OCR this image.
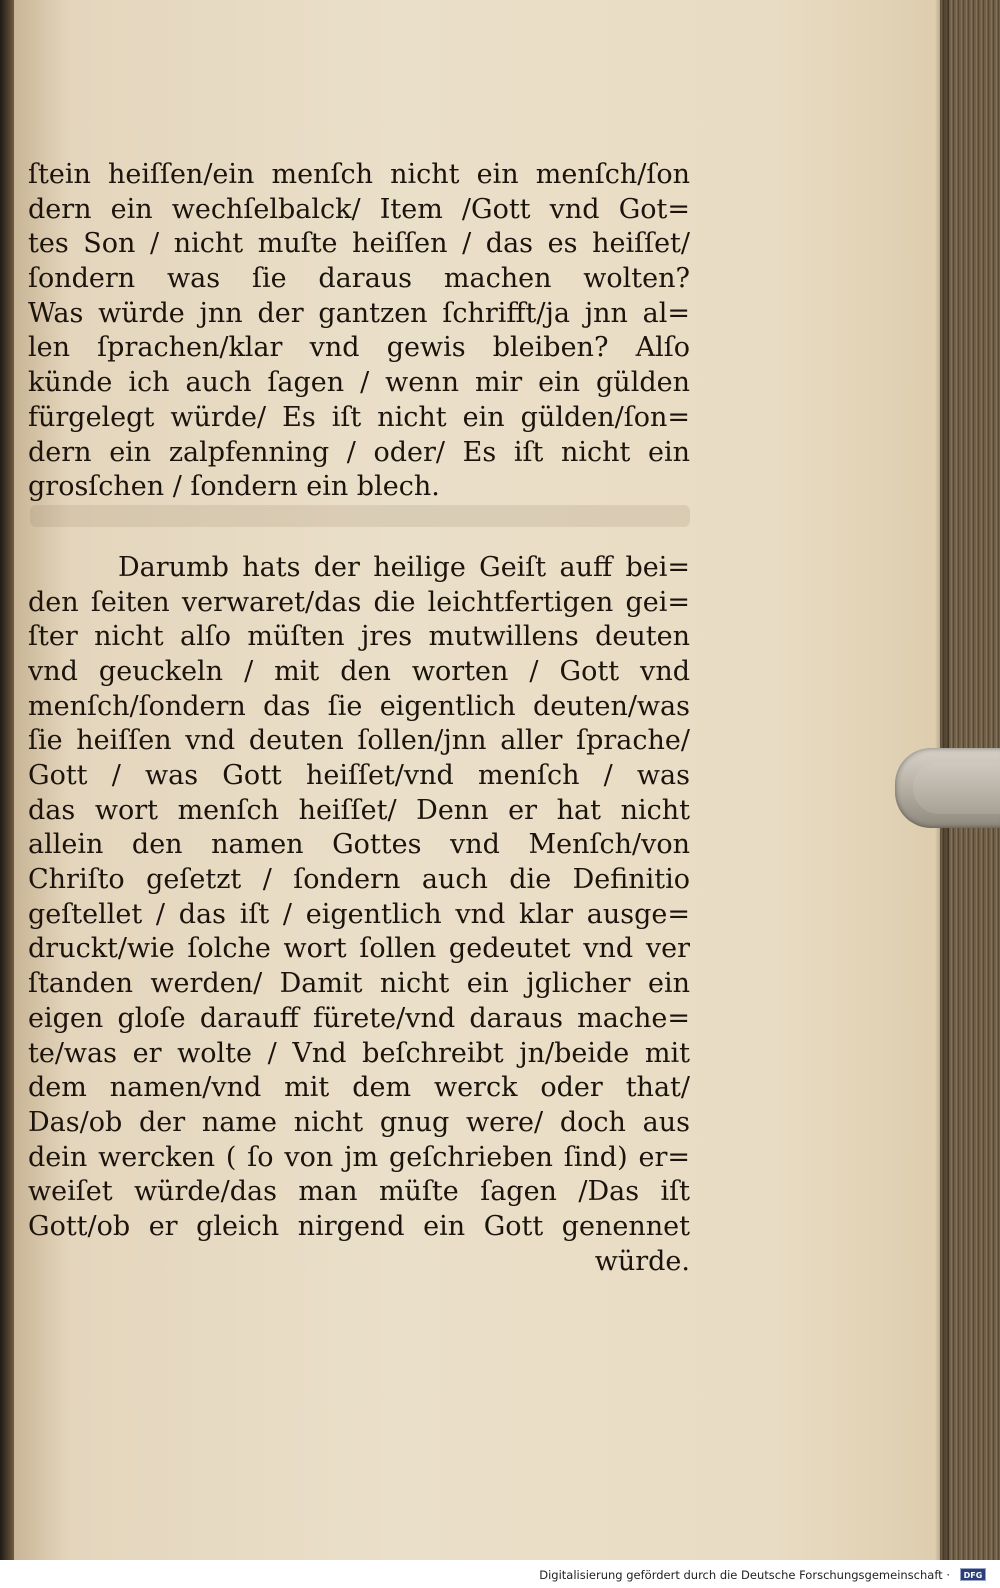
ſtein heiſſen/ein menſch nicht ein menſch/ſon
dern ein wechſelbalck/ Item /Gott vnd Got=
tes Son / nicht muſte heiſſen / das es heiſſet/
ſondern was ſie daraus machen wolten?
Was würde jnn der gantzen ſchrifft/ja jnn al=
len ſprachen/klar vnd gewis bleiben? Alſo
künde ich auch ſagen / wenn mir ein gülden
fürgelegt würde/ Es iſt nicht ein gülden/ſon=
dern ein zalpfenning / oder/ Es iſt nicht ein
grosſchen / ſondern ein blech.
Darumb hats der heilige Geiſt auff bei=
den ſeiten verwaret/das die leichtfertigen gei=
ſter nicht alſo müſten jres mutwillens deuten
vnd geuckeln / mit den worten / Gott vnd
menſch/ſondern das ſie eigentlich deuten/was
ſie heiſſen vnd deuten ſollen/jnn aller ſprache/
Gott / was Gott heiſſet/vnd menſch / was
das wort menſch heiſſet/ Denn er hat nicht
allein den namen Gottes vnd Menſch/von
Chriſto geſetzt / ſondern auch die Definitio
geſtellet / das iſt / eigentlich vnd klar ausge=
druckt/wie ſolche wort ſollen gedeutet vnd ver
ſtanden werden/ Damit nicht ein jglicher ein
eigen gloſe darauff fürete/vnd daraus mache=
te/was er wolte / Vnd beſchreibt jn/beide mit
dem namen/vnd mit dem werck oder that/
Das/ob der name nicht gnug were/ doch aus
dein wercken ( ſo von jm geſchrieben ſind) er=
weiſet würde/das man müſte ſagen /Das iſt
Gott/ob er gleich nirgend ein Gott genennet
würde.
Digitalisierung gefördert durch die Deutsche Forschungsgemeinschaft ·	DFG
